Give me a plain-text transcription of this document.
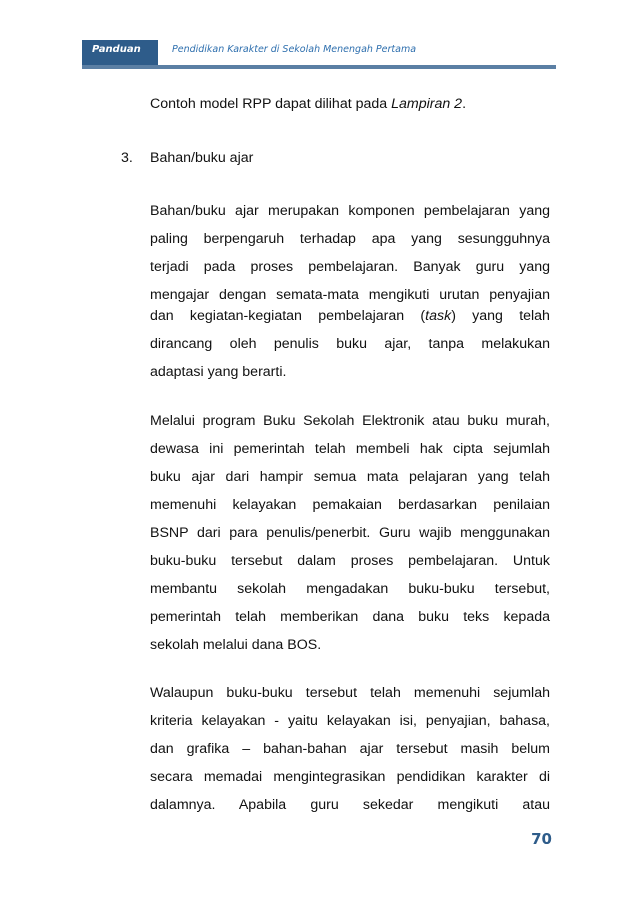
Panduan	Pendidikan Karakter di Sekolah Menengah Pertama
Contoh model RPP dapat dilihat pada Lampiran 2.
3. Bahan/buku ajar
Bahan/buku ajar merupakan komponen pembelajaran yang
paling berpengaruh terhadap apa yang sesungguhnya
terjadi pada proses pembelajaran. Banyak guru yang
mengajar dengan semata-mata mengikuti urutan penyajian
dan kegiatan-kegiatan pembelajaran (task) yang telah
dirancang oleh penulis buku ajar, tanpa melakukan
adaptasi yang berarti.
Melalui program Buku Sekolah Elektronik atau buku murah,
dewasa ini pemerintah telah membeli hak cipta sejumlah
buku ajar dari hampir semua mata pelajaran yang telah
memenuhi kelayakan pemakaian berdasarkan penilaian
BSNP dari para penulis/penerbit. Guru wajib menggunakan
buku-buku tersebut dalam proses pembelajaran. Untuk
membantu sekolah mengadakan buku-buku tersebut,
pemerintah telah memberikan dana buku teks kepada
sekolah melalui dana BOS.
Walaupun buku-buku tersebut telah memenuhi sejumlah
kriteria kelayakan - yaitu kelayakan isi, penyajian, bahasa,
dan grafika – bahan-bahan ajar tersebut masih belum
secara memadai mengintegrasikan pendidikan karakter di
dalamnya. Apabila guru sekedar mengikuti atau
70
